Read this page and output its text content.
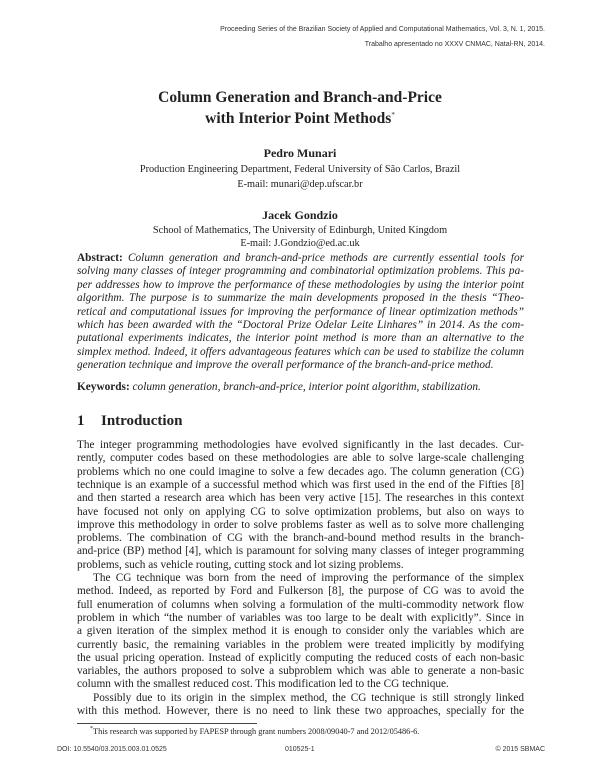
Proceeding Series of the Brazilian Society of Applied and Computational Mathematics, Vol. 3, N. 1, 2015.
Trabalho apresentado no XXXV CNMAC, Natal-RN, 2014.
Column Generation and Branch-and-Price
with Interior Point Methods*
Pedro Munari
Production Engineering Department, Federal University of São Carlos, Brazil
E-mail: munari@dep.ufscar.br
Jacek Gondzio
School of Mathematics, The University of Edinburgh, United Kingdom
E-mail: J.Gondzio@ed.ac.uk
Abstract: Column generation and branch-and-price methods are currently essential tools for
solving many classes of integer programming and combinatorial optimization problems. This pa-
per addresses how to improve the performance of these methodologies by using the interior point
algorithm. The purpose is to summarize the main developments proposed in the thesis “Theo-
retical and computational issues for improving the performance of linear optimization methods”
which has been awarded with the “Doctoral Prize Odelar Leite Linhares” in 2014. As the com-
putational experiments indicates, the interior point method is more than an alternative to the
simplex method. Indeed, it offers advantageous features which can be used to stabilize the column
generation technique and improve the overall performance of the branch-and-price method.
Keywords: column generation, branch-and-price, interior point algorithm, stabilization.
1 Introduction
The integer programming methodologies have evolved significantly in the last decades. Cur-
rently, computer codes based on these methodologies are able to solve large-scale challenging
problems which no one could imagine to solve a few decades ago. The column generation (CG)
technique is an example of a successful method which was first used in the end of the Fifties [8]
and then started a research area which has been very active [15]. The researches in this context
have focused not only on applying CG to solve optimization problems, but also on ways to
improve this methodology in order to solve problems faster as well as to solve more challenging
problems. The combination of CG with the branch-and-bound method results in the branch-
and-price (BP) method [4], which is paramount for solving many classes of integer programming
problems, such as vehicle routing, cutting stock and lot sizing problems.
The CG technique was born from the need of improving the performance of the simplex
method. Indeed, as reported by Ford and Fulkerson [8], the purpose of CG was to avoid the
full enumeration of columns when solving a formulation of the multi-commodity network flow
problem in which “the number of variables was too large to be dealt with explicitly”. Since in
a given iteration of the simplex method it is enough to consider only the variables which are
currently basic, the remaining variables in the problem were treated implicitly by modifying
the usual pricing operation. Instead of explicitly computing the reduced costs of each non-basic
variables, the authors proposed to solve a subproblem which was able to generate a non-basic
column with the smallest reduced cost. This modification led to the CG technique.
Possibly due to its origin in the simplex method, the CG technique is still strongly linked
with this method. However, there is no need to link these two approaches, specially for the
*This research was supported by FAPESP through grant numbers 2008/09040-7 and 2012/05486-6.
DOI: 10.5540/03.2015.003.01.0525	010525-1	© 2015 SBMAC
